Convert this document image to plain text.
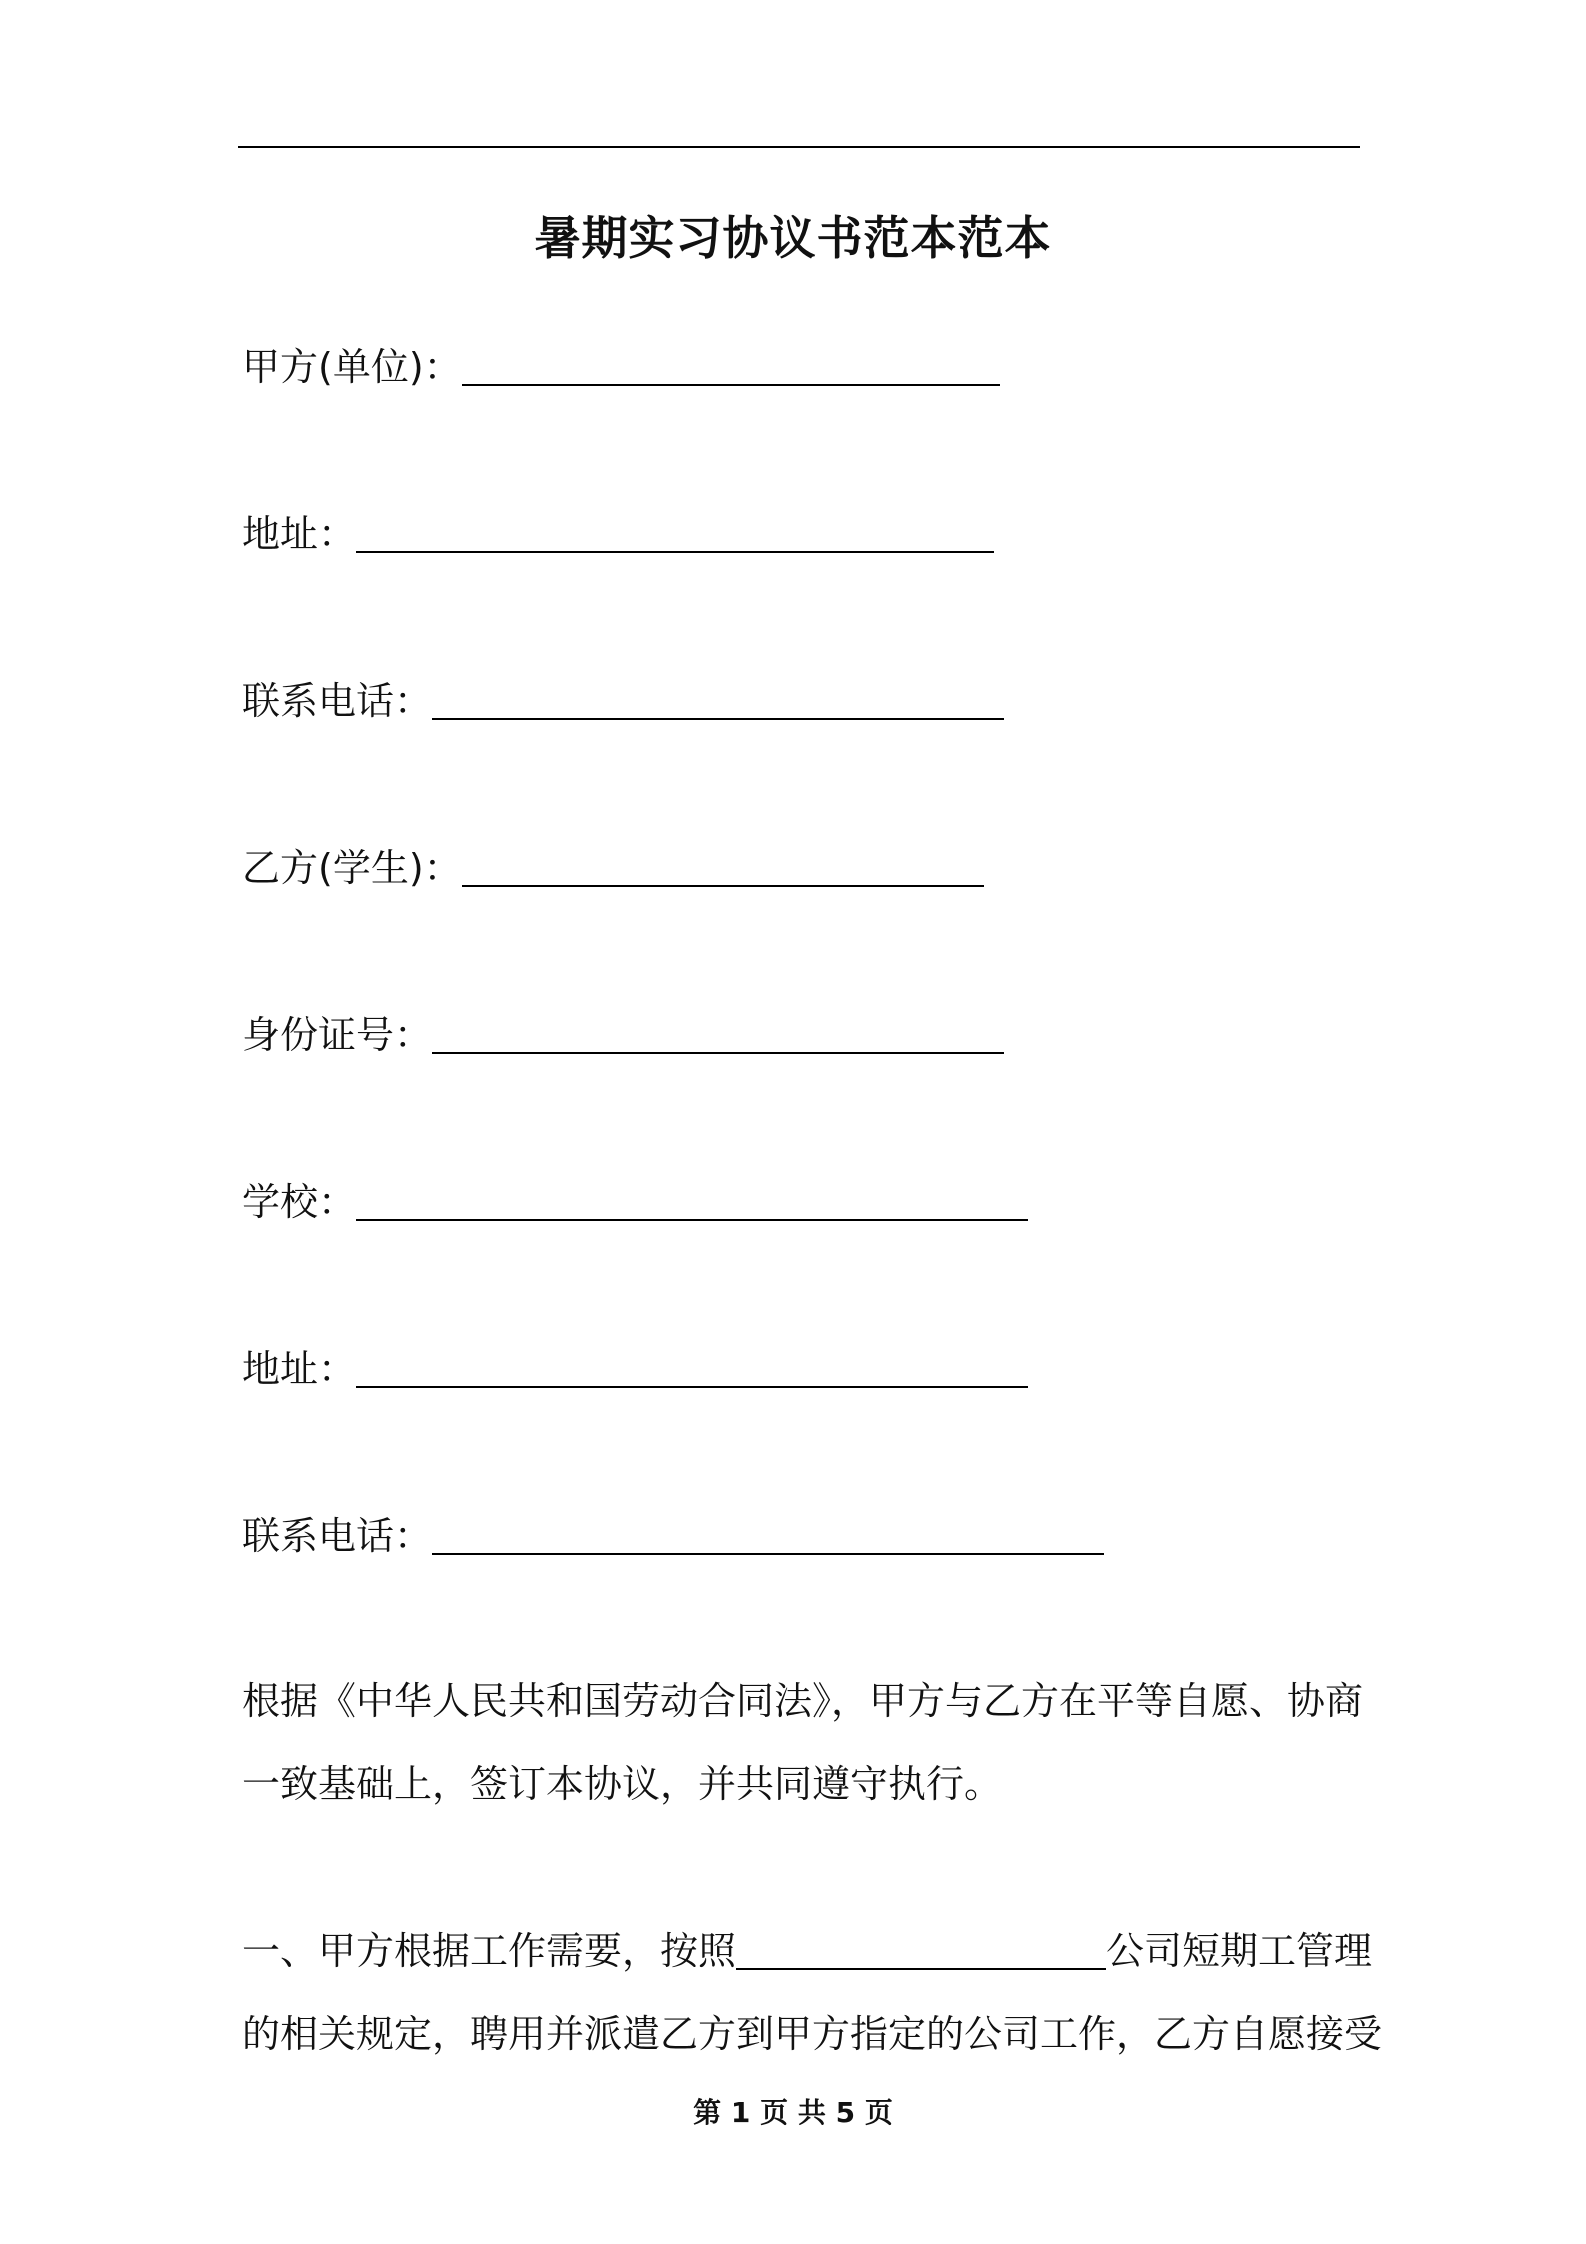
暑期实习协议书范本范本
甲方(单位)：
地址：
联系电话：
乙方(学生)：
身份证号：
学校：
地址：
联系电话：
根据《中华人民共和国劳动合同法》，甲方与乙方在平等自愿、协商
一致基础上，签订本协议，并共同遵守执行。
一、甲方根据工作需要，按照	公司短期工管理
的相关规定，聘用并派遣乙方到甲方指定的公司工作，乙方自愿接受
第 1 页 共 5 页
